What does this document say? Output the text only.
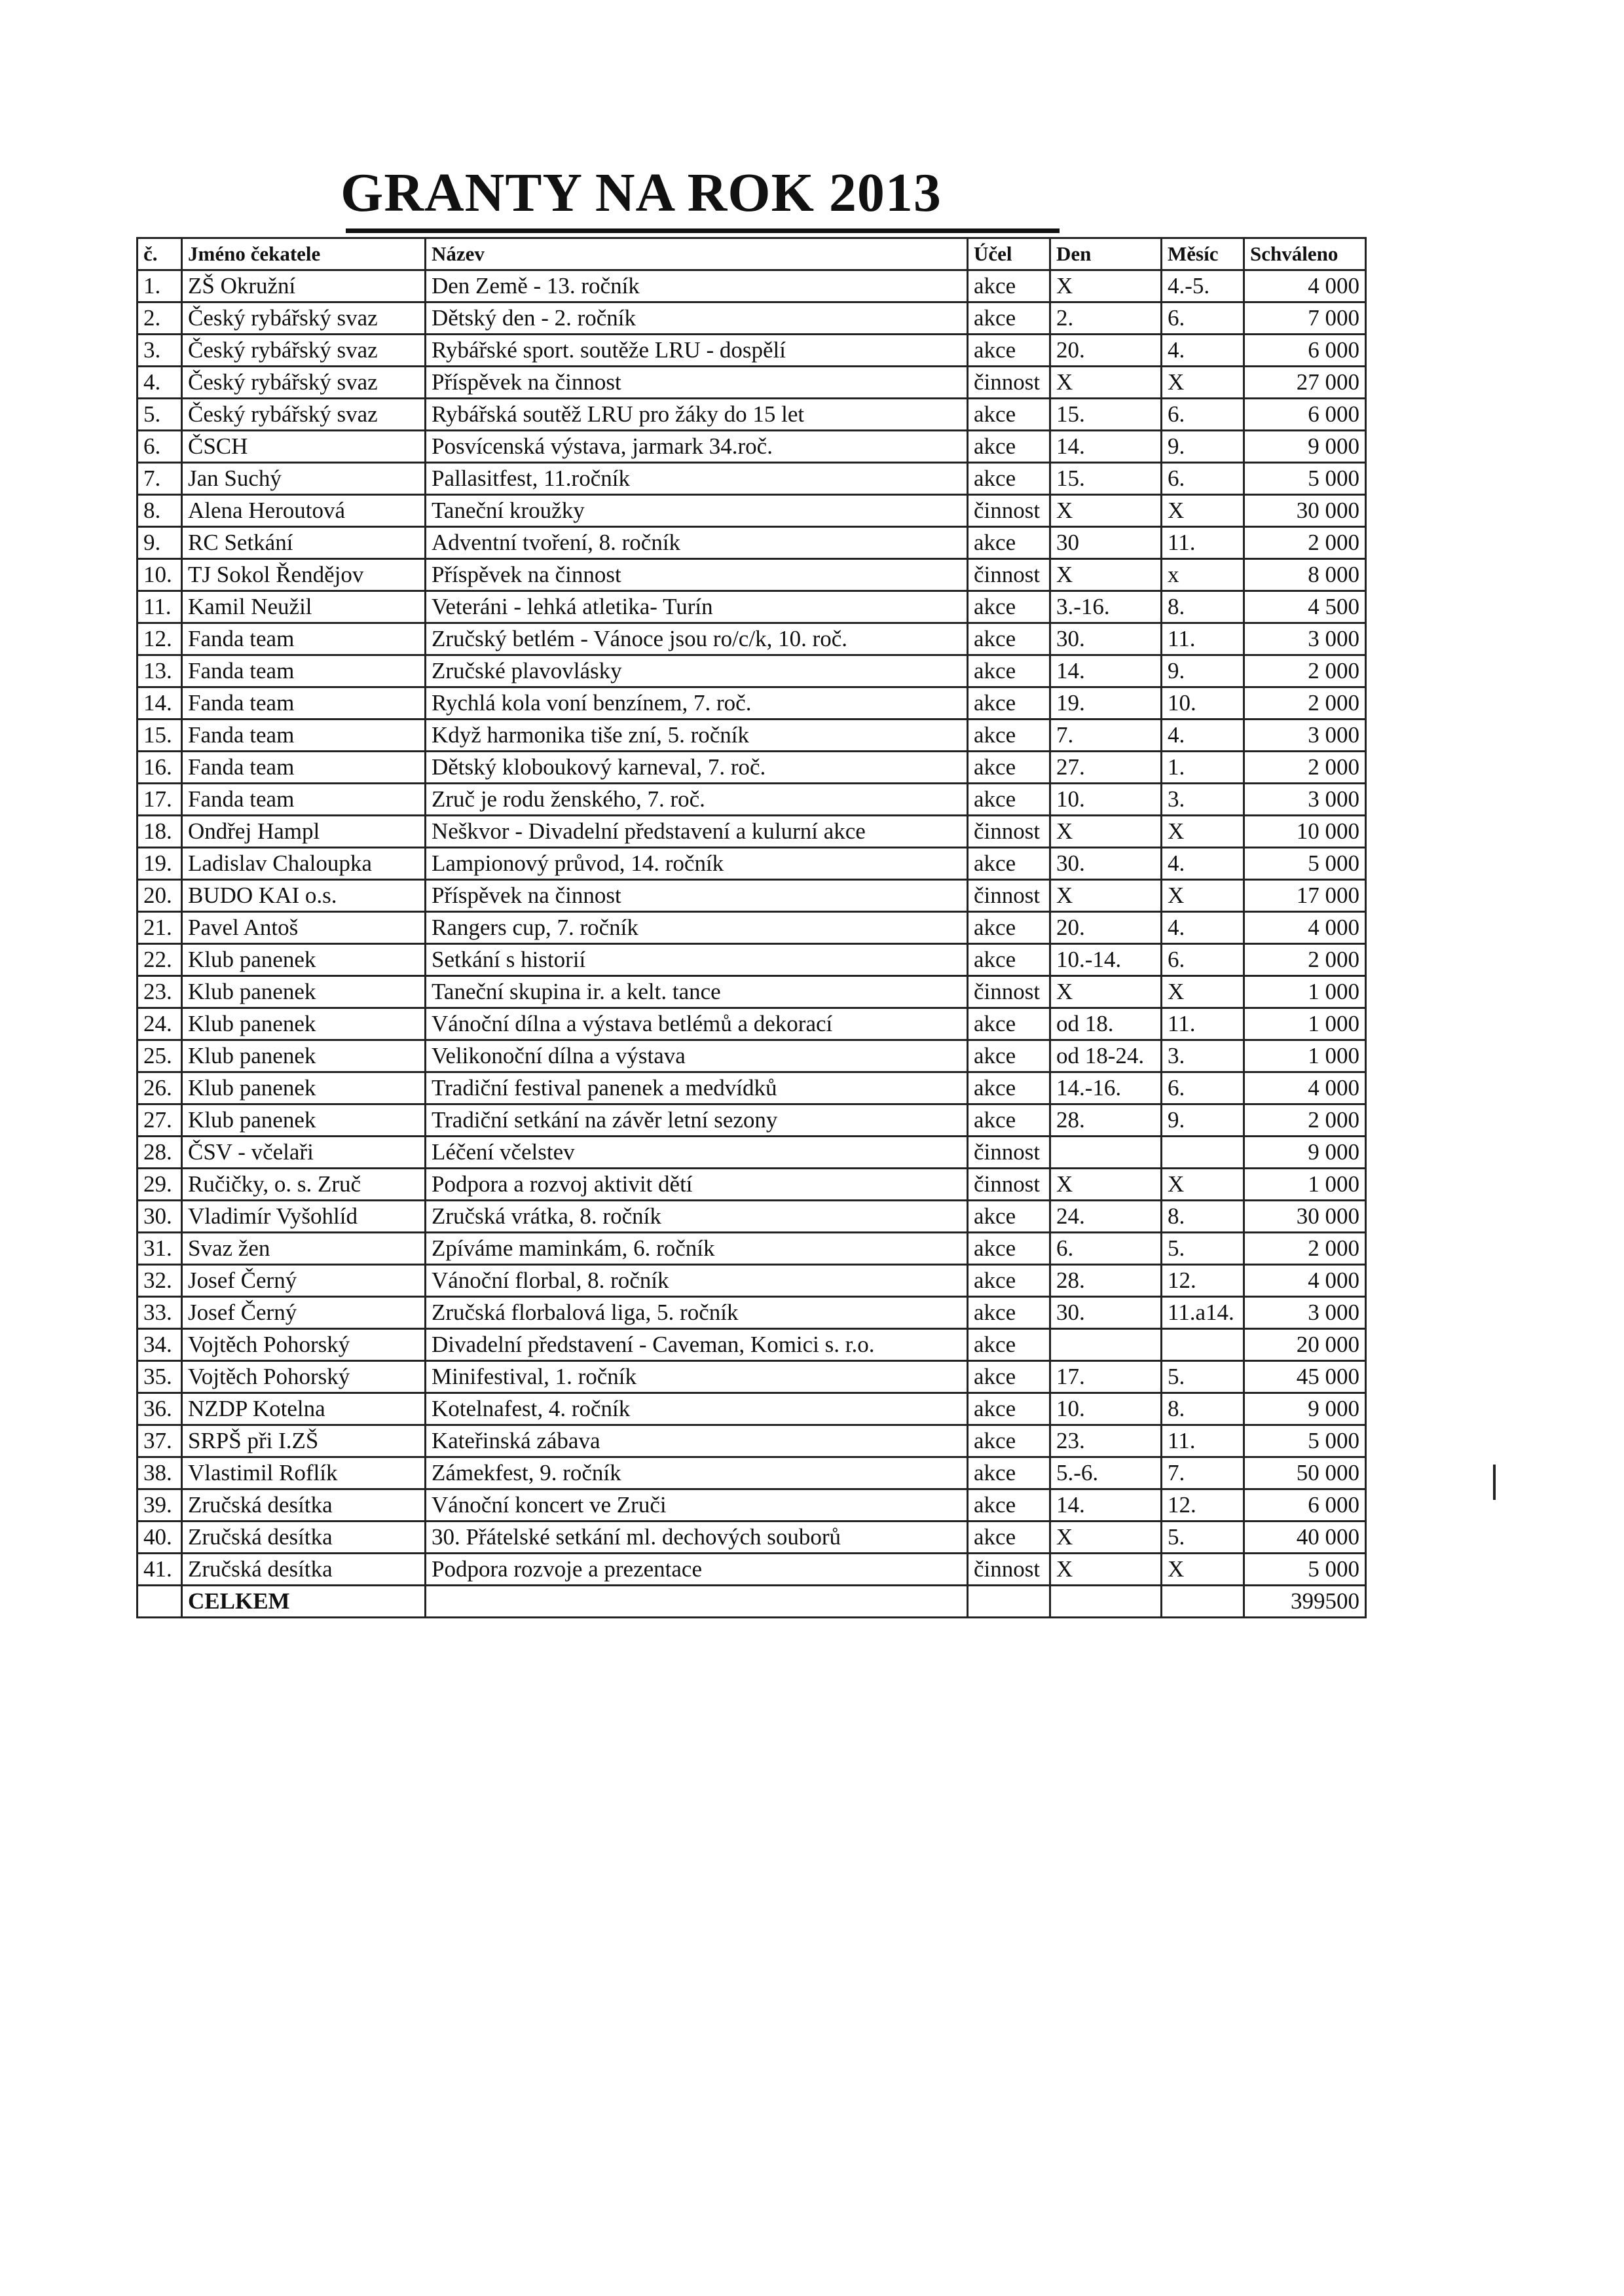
GRANTY NA ROK 2013
č.	Jméno čekatele	Název	Účel	Den	Měsíc	Schváleno
1.	ZŠ Okružní	Den Země - 13. ročník	akce	X	4.-5.	4 000
2.	Český rybářský svaz	Dětský den - 2. ročník	akce	2.	6.	7 000
3.	Český rybářský svaz	Rybářské sport. soutěže LRU - dospělí	akce	20.	4.	6 000
4.	Český rybářský svaz	Příspěvek na činnost	činnost	X	X	27 000
5.	Český rybářský svaz	Rybářská soutěž LRU pro žáky do 15 let	akce	15.	6.	6 000
6.	ČSCH	Posvícenská výstava, jarmark 34.roč.	akce	14.	9.	9 000
7.	Jan Suchý	Pallasitfest, 11.ročník	akce	15.	6.	5 000
8.	Alena Heroutová	Taneční kroužky	činnost	X	X	30 000
9.	RC Setkání	Adventní tvoření, 8. ročník	akce	30	11.	2 000
10.	TJ Sokol Řendějov	Příspěvek na činnost	činnost	X	x	8 000
11.	Kamil Neužil	Veteráni - lehká atletika- Turín	akce	3.-16.	8.	4 500
12.	Fanda team	Zručský betlém - Vánoce jsou ro/c/k, 10. roč.	akce	30.	11.	3 000
13.	Fanda team	Zručské plavovlásky	akce	14.	9.	2 000
14.	Fanda team	Rychlá kola voní benzínem, 7. roč.	akce	19.	10.	2 000
15.	Fanda team	Když harmonika tiše zní, 5. ročník	akce	7.	4.	3 000
16.	Fanda team	Dětský kloboukový karneval, 7. roč.	akce	27.	1.	2 000
17.	Fanda team	Zruč je rodu ženského, 7. roč.	akce	10.	3.	3 000
18.	Ondřej Hampl	Neškvor - Divadelní představení a kulurní akce	činnost	X	X	10 000
19.	Ladislav Chaloupka	Lampionový průvod, 14. ročník	akce	30.	4.	5 000
20.	BUDO KAI o.s.	Příspěvek na činnost	činnost	X	X	17 000
21.	Pavel Antoš	Rangers cup, 7. ročník	akce	20.	4.	4 000
22.	Klub panenek	Setkání s historií	akce	10.-14.	6.	2 000
23.	Klub panenek	Taneční skupina ir. a kelt. tance	činnost	X	X	1 000
24.	Klub panenek	Vánoční dílna a výstava betlémů a dekorací	akce	od 18.	11.	1 000
25.	Klub panenek	Velikonoční dílna a výstava	akce	od 18-24.	3.	1 000
26.	Klub panenek	Tradiční festival panenek a medvídků	akce	14.-16.	6.	4 000
27.	Klub panenek	Tradiční setkání na závěr letní sezony	akce	28.	9.	2 000
28.	ČSV - včelaři	Léčení včelstev	činnost			9 000
29.	Ručičky, o. s. Zruč	Podpora a rozvoj aktivit dětí	činnost	X	X	1 000
30.	Vladimír Vyšohlíd	Zručská vrátka, 8. ročník	akce	24.	8.	30 000
31.	Svaz žen	Zpíváme maminkám, 6. ročník	akce	6.	5.	2 000
32.	Josef Černý	Vánoční florbal, 8. ročník	akce	28.	12.	4 000
33.	Josef Černý	Zručská florbalová liga, 5. ročník	akce	30.	11.a14.	3 000
34.	Vojtěch Pohorský	Divadelní představení - Caveman, Komici s. r.o.	akce			20 000
35.	Vojtěch Pohorský	Minifestival, 1. ročník	akce	17.	5.	45 000
36.	NZDP Kotelna	Kotelnafest, 4. ročník	akce	10.	8.	9 000
37.	SRPŠ při I.ZŠ	Kateřinská zábava	akce	23.	11.	5 000
38.	Vlastimil Roflík	Zámekfest, 9. ročník	akce	5.-6.	7.	50 000
39.	Zručská desítka	Vánoční koncert ve Zruči	akce	14.	12.	6 000
40.	Zručská desítka	30. Přátelské setkání ml. dechových souborů	akce	X	5.	40 000
41.	Zručská desítka	Podpora rozvoje a prezentace	činnost	X	X	5 000
	CELKEM					399500
